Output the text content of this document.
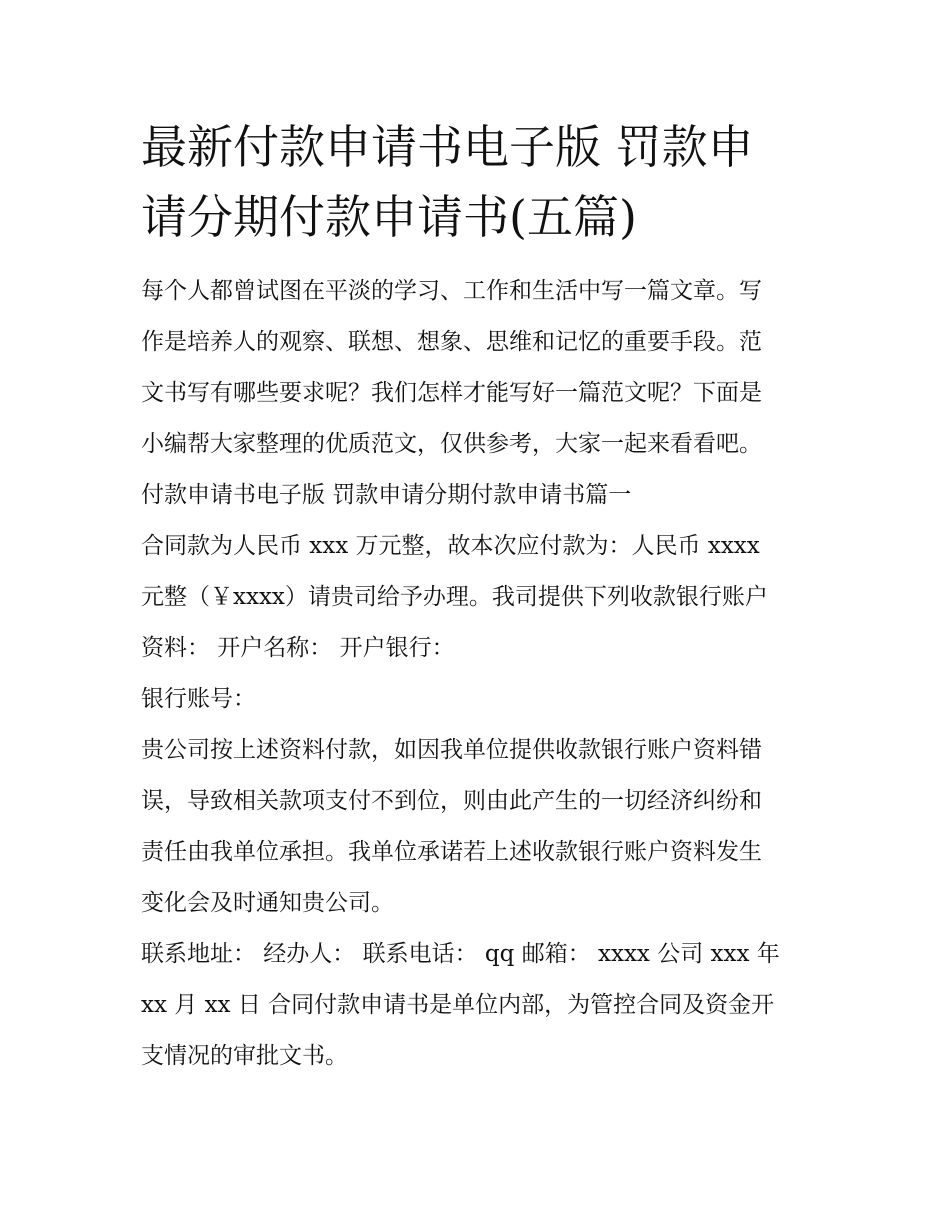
最新付款申请书电子版 罚款申
请分期付款申请书(五篇)
每个人都曾试图在平淡的学习、工作和生活中写一篇文章。写
作是培养人的观察、联想、想象、思维和记忆的重要手段。范
文书写有哪些要求呢？我们怎样才能写好一篇范文呢？下面是
小编帮大家整理的优质范文，仅供参考，大家一起来看看吧。
付款申请书电子版 罚款申请分期付款申请书篇一
合同款为人民币 xxx 万元整，故本次应付款为：人民币 xxxx
元整（￥xxxx）请贵司给予办理。我司提供下列收款银行账户
资料： 开户名称： 开户银行：
银行账号：
贵公司按上述资料付款，如因我单位提供收款银行账户资料错
误，导致相关款项支付不到位，则由此产生的一切经济纠纷和
责任由我单位承担。我单位承诺若上述收款银行账户资料发生
变化会及时通知贵公司。
联系地址： 经办人： 联系电话： qq 邮箱： xxxx 公司 xxx 年
xx 月 xx 日 合同付款申请书是单位内部，为管控合同及资金开
支情况的审批文书。
